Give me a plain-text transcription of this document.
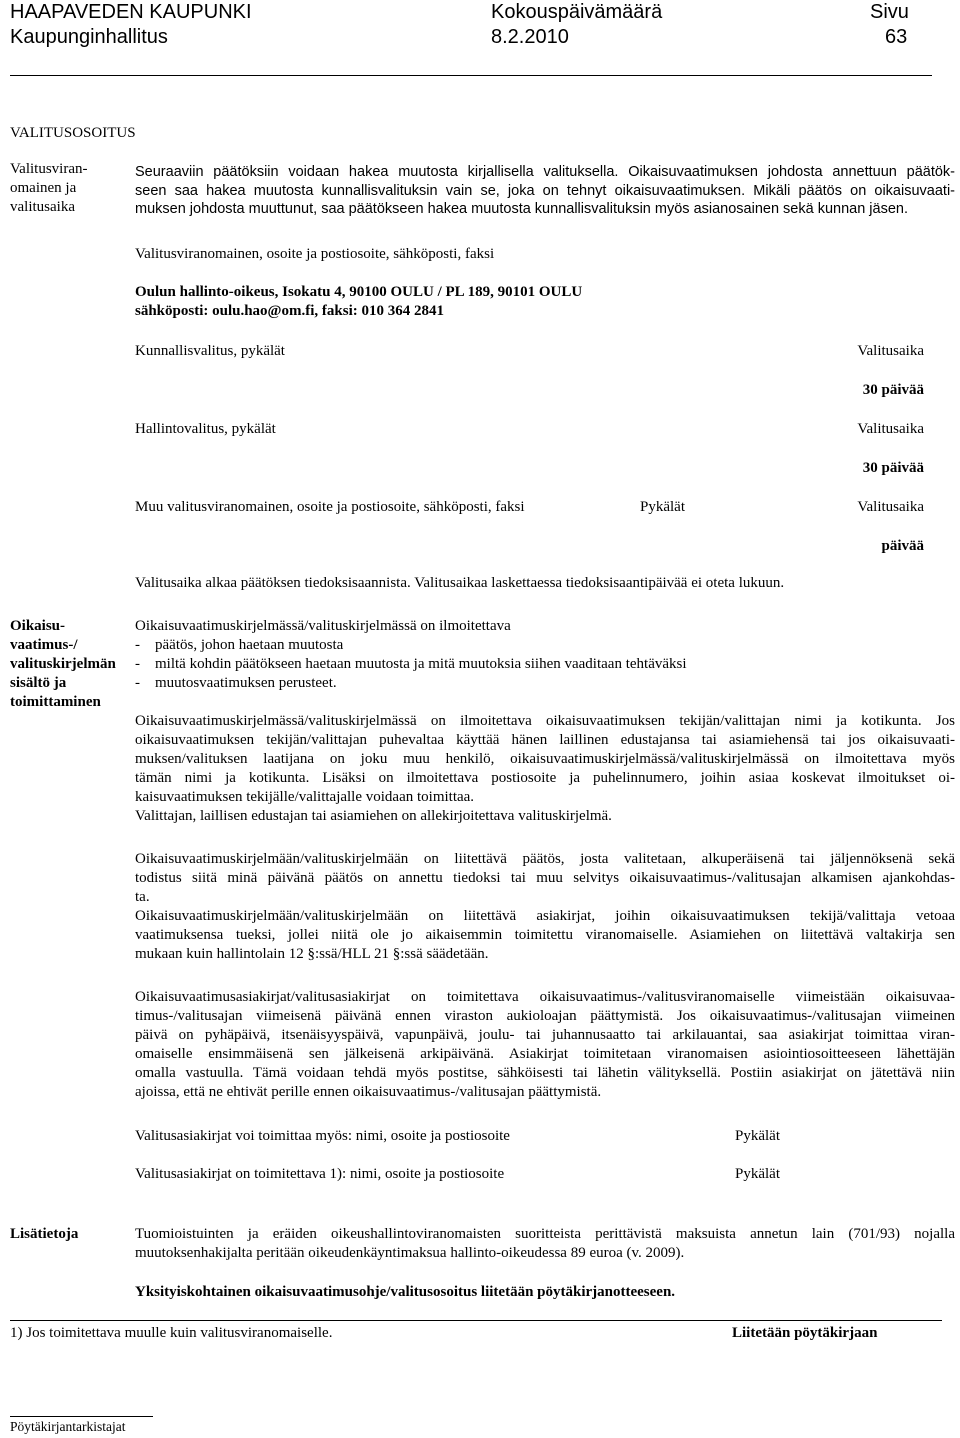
HAAPAVEDEN KAUPUNKI
Kaupunginhallitus
Kokouspäivämäärä
8.2.2010
Sivu
63
VALITUSOSOITUS
Valitusviran-
omainen ja
valitusaika
Seuraaviin päätöksiin voidaan hakea muutosta kirjallisella valituksella. Oikaisuvaatimuksen johdosta annettuun päätök-
seen saa hakea muutosta kunnallisvalituksin vain se, joka on tehnyt oikaisuvaatimuksen. Mikäli päätös on oikaisuvaati-
muksen johdosta muuttunut, saa päätökseen hakea muutosta kunnallisvalituksin myös asianosainen sekä kunnan jäsen.
Valitusviranomainen, osoite ja postiosoite, sähköposti, faksi
Oulun hallinto-oikeus, Isokatu 4, 90100 OULU / PL 189, 90101 OULU
sähköposti: oulu.hao@om.fi, faksi: 010 364 2841
Kunnallisvalitus, pykälät	Valitusaika
30 päivää
Hallintovalitus, pykälät	Valitusaika
30 päivää
Muu valitusviranomainen, osoite ja postiosoite, sähköposti, faksi	Pykälät	Valitusaika
päivää
Valitusaika alkaa päätöksen tiedoksisaannista. Valitusaikaa laskettaessa tiedoksisaantipäivää ei oteta lukuun.
Oikaisu-
vaatimus-/
valituskirjelmän
sisältö ja
toimittaminen
Oikaisuvaatimuskirjelmässä/valituskirjelmässä on ilmoitettava
- päätös, johon haetaan muutosta
- miltä kohdin päätökseen haetaan muutosta ja mitä muutoksia siihen vaaditaan tehtäväksi
- muutosvaatimuksen perusteet.
Oikaisuvaatimuskirjelmässä/valituskirjelmässä on ilmoitettava oikaisuvaatimuksen tekijän/valittajan nimi ja kotikunta. Jos
oikaisuvaatimuksen tekijän/valittajan puhevaltaa käyttää hänen laillinen edustajansa tai asiamiehensä tai jos oikaisuvaati-
muksen/valituksen laatijana on joku muu henkilö, oikaisuvaatimuskirjelmässä/valituskirjelmässä on ilmoitettava myös
tämän nimi ja kotikunta. Lisäksi on ilmoitettava postiosoite ja puhelinnumero, joihin asiaa koskevat ilmoitukset oi-
kaisuvaatimuksen tekijälle/valittajalle voidaan toimittaa.
Valittajan, laillisen edustajan tai asiamiehen on allekirjoitettava valituskirjelmä.
Oikaisuvaatimuskirjelmään/valituskirjelmään on liitettävä päätös, josta valitetaan, alkuperäisenä tai jäljennöksenä sekä
todistus siitä minä päivänä päätös on annettu tiedoksi tai muu selvitys oikaisuvaatimus-/valitusajan alkamisen ajankohdas-
ta.
Oikaisuvaatimuskirjelmään/valituskirjelmään on liitettävä asiakirjat, joihin oikaisuvaatimuksen tekijä/valittaja vetoaa
vaatimuksensa tueksi, jollei niitä ole jo aikaisemmin toimitettu viranomaiselle. Asiamiehen on liitettävä valtakirja sen
mukaan kuin hallintolain 12 §:ssä/HLL 21 §:ssä säädetään.
Oikaisuvaatimusasiakirjat/valitusasiakirjat on toimitettava oikaisuvaatimus-/valitusviranomaiselle viimeistään oikaisuvaa-
timus-/valitusajan viimeisenä päivänä ennen viraston aukioloajan päättymistä. Jos oikaisuvaatimus-/valitusajan viimeinen
päivä on pyhäpäivä, itsenäisyyspäivä, vapunpäivä, joulu- tai juhannusaatto tai arkilauantai, saa asiakirjat toimittaa viran-
omaiselle ensimmäisenä sen jälkeisenä arkipäivänä. Asiakirjat toimitetaan viranomaisen asiointiosoitteeseen lähettäjän
omalla vastuulla. Tämä voidaan tehdä myös postitse, sähköisesti tai lähetin välityksellä. Postiin asiakirjat on jätettävä niin
ajoissa, että ne ehtivät perille ennen oikaisuvaatimus-/valitusajan päättymistä.
Valitusasiakirjat voi toimittaa myös: nimi, osoite ja postiosoite	Pykälät
Valitusasiakirjat on toimitettava 1): nimi, osoite ja postiosoite	Pykälät
Lisätietoja	Tuomioistuinten ja eräiden oikeushallintoviranomaisten suoritteista perittävistä maksuista annetun lain (701/93) nojalla
muutoksenhakijalta peritään oikeudenkäyntimaksua hallinto-oikeudessa 89 euroa (v. 2009).
Yksityiskohtainen oikaisuvaatimusohje/valitusosoitus liitetään pöytäkirjanotteeseen.
1) Jos toimitettava muulle kuin valitusviranomaiselle.	Liitetään pöytäkirjaan
Pöytäkirjantarkistajat
